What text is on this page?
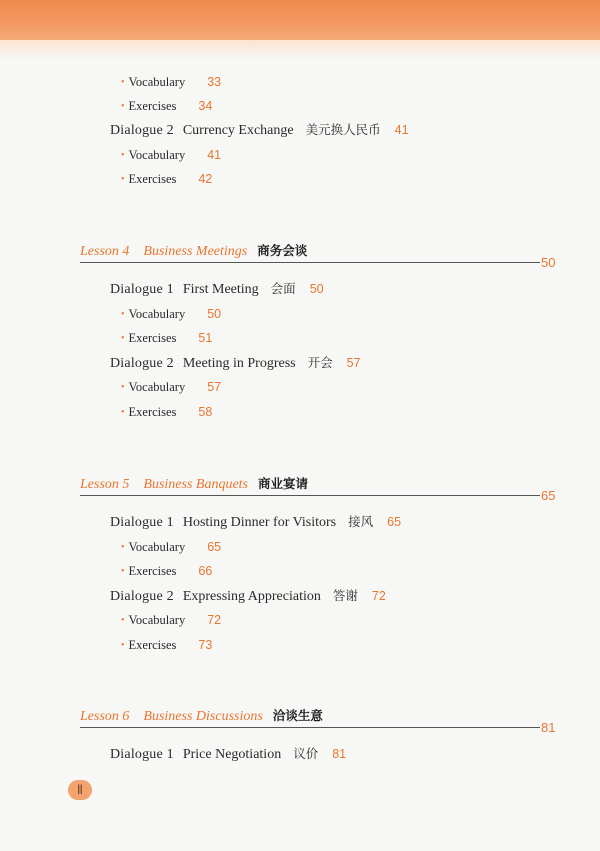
• Vocabulary 33
• Exercises 34
Dialogue 2 Currency Exchange 美元换人民币 41
• Vocabulary 41
• Exercises 42
Lesson 4 Business Meetings 商务会谈
50
Dialogue 1 First Meeting 会面 50
• Vocabulary 50
• Exercises 51
Dialogue 2 Meeting in Progress 开会 57
• Vocabulary 57
• Exercises 58
Lesson 5 Business Banquets 商业宴请
65
Dialogue 1 Hosting Dinner for Visitors 接风 65
• Vocabulary 65
• Exercises 66
Dialogue 2 Expressing Appreciation 答谢 72
• Vocabulary 72
• Exercises 73
Lesson 6 Business Discussions 洽谈生意
81
Dialogue 1 Price Negotiation 议价 81
Ⅱ
